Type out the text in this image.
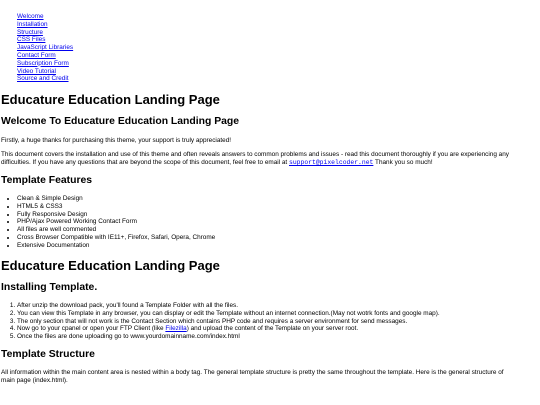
Welcome
Installation
Structure
CSS Files
JavaScript Libraries
Contact Form
Subscription Form
Video Tutorial
Source and Credit
Educature Education Landing Page
Welcome To Educature Education Landing Page

Firstly, a huge thanks for purchasing this theme, your support is truly appreciated!

This document covers the installation and use of this theme and often reveals answers to common problems and issues - read this document thoroughly if you are experiencing any

difficulties. If you have any questions that are beyond the scope of this document, feel free to email at support@pixelcoder.net Thank you so much!

Template Features
• Clean & Simple Design
• HTML5 & CSS3
• Fully Responsive Design
• PHP/Ajax Powered Working Contact Form
• All files are well commented
• Cross Browser Compatible with IE11+, Firefox, Safari, Opera, Chrome
• Extensive Documentation
Educature Education Landing Page
Installing Template.
1. After unzip the download pack, you'll found a Template Folder with all the files.
2. You can view this Template in any browser, you can display or edit the Template without an internet connection.(May not wotrk fonts and google map).
3. The only section that will not work is the Contact Section which contains PHP code and requires a server environment for send messages.
4. Now go to your cpanel or open your FTP Client (like Filezilla) and upload the content of the Template on your server root.
5. Once the files are done uploading go to www.yourdomainname.com/index.html
Template Structure

All information within the main content area is nested within a body tag. The general template structure is pretty the same throughout the template. Here is the general structure of

main page (index.html).
